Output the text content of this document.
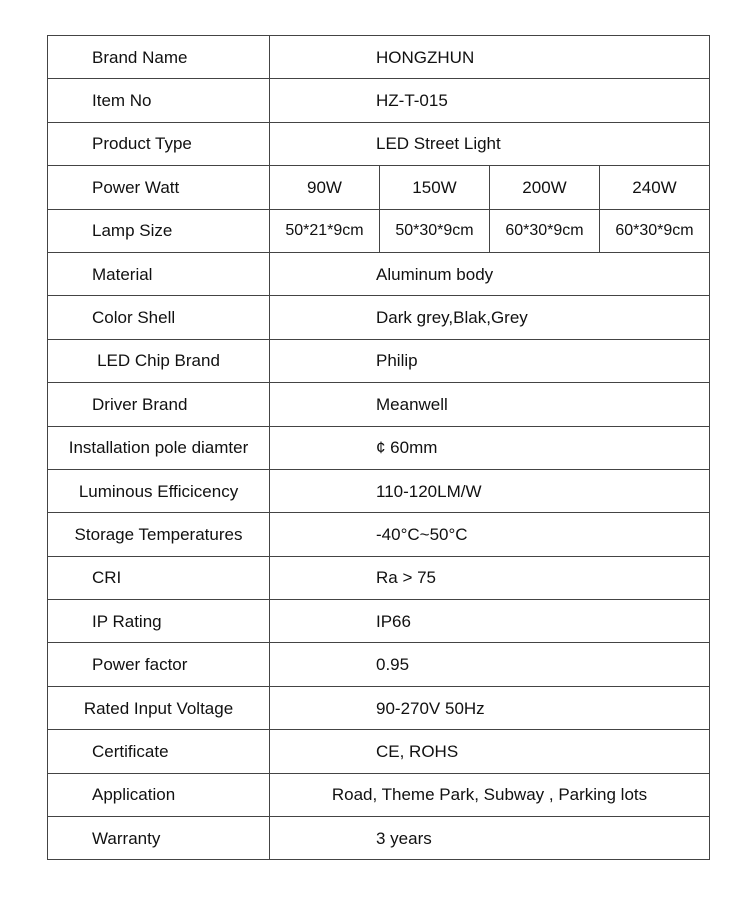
Brand Name	HONGZHUN			

Item No	HZ-T-015			

Product Type	LED Street Light			

Power Watt	90W	150W	200W	240W

Lamp Size	50*21*9cm	50*30*9cm	60*30*9cm	60*30*9cm

Material	Aluminum body			

Color Shell	Dark grey,Blak,Grey			

LED Chip Brand	Philip			

Driver Brand	Meanwell			

Installation pole diamter	¢ 60mm			

Luminous Efficicency	110-120LM/W			

Storage Temperatures	-40°C~50°C			

CRI	Ra > 75			

IP Rating	IP66			

Power factor	0.95			

Rated Input Voltage	90-270V 50Hz			

Certificate	CE, ROHS			

Application	Road, Theme Park, Subway , Parking lots			

Warranty	3 years			
